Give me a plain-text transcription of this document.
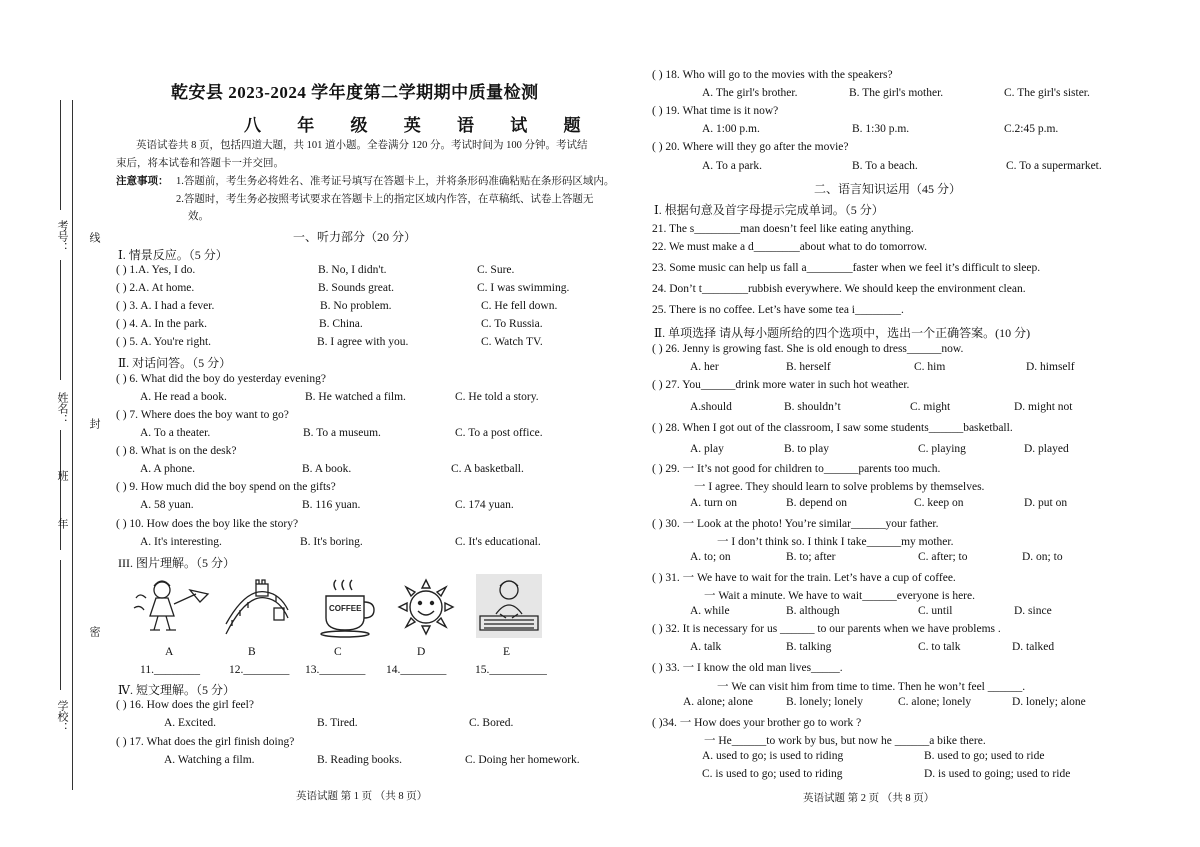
考号：
姓名：
班
年
学校：
线
封
密
乾安县 2023-2024 学年度第二学期期中质量检测
八 年 级 英 语 试 题
英语试卷共 8 页，包括四道大题，共 101 道小题。全卷满分 120 分。考试时间为 100 分钟。考试结
束后，将本试卷和答题卡一并交回。
注意事项： 1.答题前，考生务必将姓名、准考证号填写在答题卡上，并将条形码准确粘贴在条形码区域内。
2.答题时，考生务必按照考试要求在答题卡上的指定区域内作答，在草稿纸、试卷上答题无
效。
一、听力部分（20 分）
Ⅰ. 情景反应。（5 分）
( ) 1.A. Yes, I do.	B. No, I didn't.	C. Sure.
( ) 2.A. At home.	B. Sounds great.	C. I was swimming.
( ) 3. A. I had a fever.	B. No problem.	C. He fell down.
( ) 4. A. In the park.	B. China.	C. To Russia.
( ) 5. A. You're right.	B. I agree with you.	C. Watch TV.
Ⅱ. 对话问答。（5 分）
( ) 6. What did the boy do yesterday evening?
A. He read a book.	B. He watched a film.	C. He told a story.
( ) 7. Where does the boy want to go?
A. To a theater.	B. To a museum.	C. To a post office.
( ) 8. What is on the desk?
A. A phone.	B. A book.	C. A basketball.
( ) 9. How much did the boy spend on the gifts?
A. 58 yuan.	B. 116 yuan.	C. 174 yuan.
( ) 10. How does the boy like the story?
A. It's interesting.	B. It's boring.	C. It's educational.
III. 图片理解。（5 分）
COFFEE
A	B	C	D	E
11.________	12.________ 13.________ 14.________ 15.__________
Ⅳ. 短文理解。（5 分）
( ) 16. How does the girl feel?
A. Excited.	B. Tired.	C. Bored.
( ) 17. What does the girl finish doing?
A. Watching a film.	B. Reading books.	C. Doing her homework.
英语试题 第 1 页 （共 8 页）
( ) 18. Who will go to the movies with the speakers?
A. The girl's brother.	B. The girl's mother.	C. The girl's sister.
( ) 19. What time is it now?
A. 1:00 p.m.	B. 1:30 p.m.	C.2:45 p.m.
( ) 20. Where will they go after the movie?
A. To a park.	B. To a beach.	C. To a supermarket.
二、语言知识运用（45 分）
Ⅰ. 根据句意及首字母提示完成单词。（5 分）
21. The s________man doesn’t feel like eating anything.
22. We must make a d________about what to do tomorrow.
23. Some music can help us fall a________faster when we feel it’s difficult to sleep.
24. Don’t t________rubbish everywhere. We should keep the environment clean.
25. There is no coffee. Let’s have some tea i________.
Ⅱ. 单项选择 请从每小题所给的四个选项中，选出一个正确答案。(10 分)
( ) 26. Jenny is growing fast. She is old enough to dress______now.
A. her	B. herself	C. him	D. himself
( ) 27. You______drink more water in such hot weather.
A.should	B. shouldn’t	C. might	D. might not
( ) 28. When I got out of the classroom, I saw some students______basketball.
A. play	B. to play	C. playing	D. played
( ) 29. 一 It’s not good for children to______parents too much.
一 I agree. They should learn to solve problems by themselves.
A. turn on	B. depend on	C. keep on	D. put on
( ) 30. 一 Look at the photo! You’re similar______your father.
一 I don’t think so. I think I take______my mother.
A. to; on	B. to; after	C. after; to	D. on; to
( ) 31. 一 We have to wait for the train. Let’s have a cup of coffee.
一 Wait a minute. We have to wait______everyone is here.
A. while	B. although	C. until	D. since
( ) 32. It is necessary for us ______ to our parents when we have problems .
A. talk	B. talking	C. to talk	D. talked
( ) 33. 一 I know the old man lives_____.
一 We can visit him from time to time. Then he won’t feel ______.
A. alone; alone	B. lonely; lonely	C. alone; lonely	D. lonely; alone
( )34. 一 How does your brother go to work ?
一 He______to work by bus, but now he ______a bike there.
A. used to go; is used to riding	B. used to go; used to ride
C. is used to go; used to riding	D. is used to going; used to ride
英语试题 第 2 页 （共 8 页）
